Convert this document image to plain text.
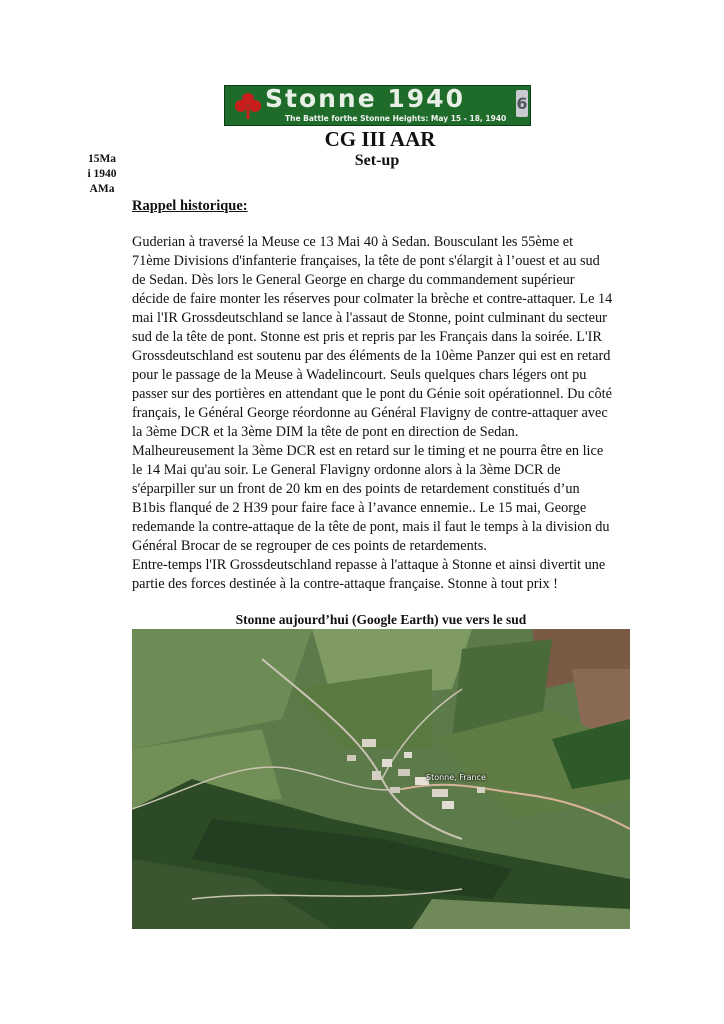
Stonne 1940
The Battle forthe Stonne Heights: May 15 - 18, 1940
6
CG III AAR
Set-up
15Ma
i 1940
AMa
Rappel historique:
Guderian à traversé la Meuse ce 13 Mai 40 à Sedan. Bousculant les 55ème et
71ème Divisions d'infanterie françaises, la tête de pont s'élargit à l’ouest et au sud
de Sedan. Dès lors le General George en charge du commandement supérieur
décide de faire monter les réserves pour colmater la brèche et contre-attaquer. Le 14
mai l'IR Grossdeutschland se lance à l'assaut de Stonne, point culminant du secteur
sud de la tête de pont. Stonne est pris et repris par les Français dans la soirée. L'IR
Grossdeutschland est soutenu par des éléments de la 10ème Panzer qui est en retard
pour le passage de la Meuse à Wadelincourt. Seuls quelques chars légers ont pu
passer sur des portières en attendant que le pont du Génie soit opérationnel. Du côté
français, le Général George réordonne au Général Flavigny de contre-attaquer avec
la 3ème DCR et la 3ème DIM la tête de pont en direction de Sedan.
Malheureusement la 3ème DCR est en retard sur le timing et ne pourra être en lice
le 14 Mai qu'au soir. Le General Flavigny ordonne alors à la 3ème DCR de
s'éparpiller sur un front de 20 km en des points de retardement constitués d’un
B1bis flanqué de 2 H39 pour faire face à l’avance ennemie.. Le 15 mai, George
redemande la contre-attaque de la tête de pont, mais il faut le temps à la division du
Général Brocar de se regrouper de ces points de retardements.
Entre-temps l'IR Grossdeutschland repasse à l'attaque à Stonne et ainsi divertit une
partie des forces destinée à la contre-attaque française. Stonne à tout prix !
Stonne aujourd’hui (Google Earth) vue vers le sud
Stonne, France
